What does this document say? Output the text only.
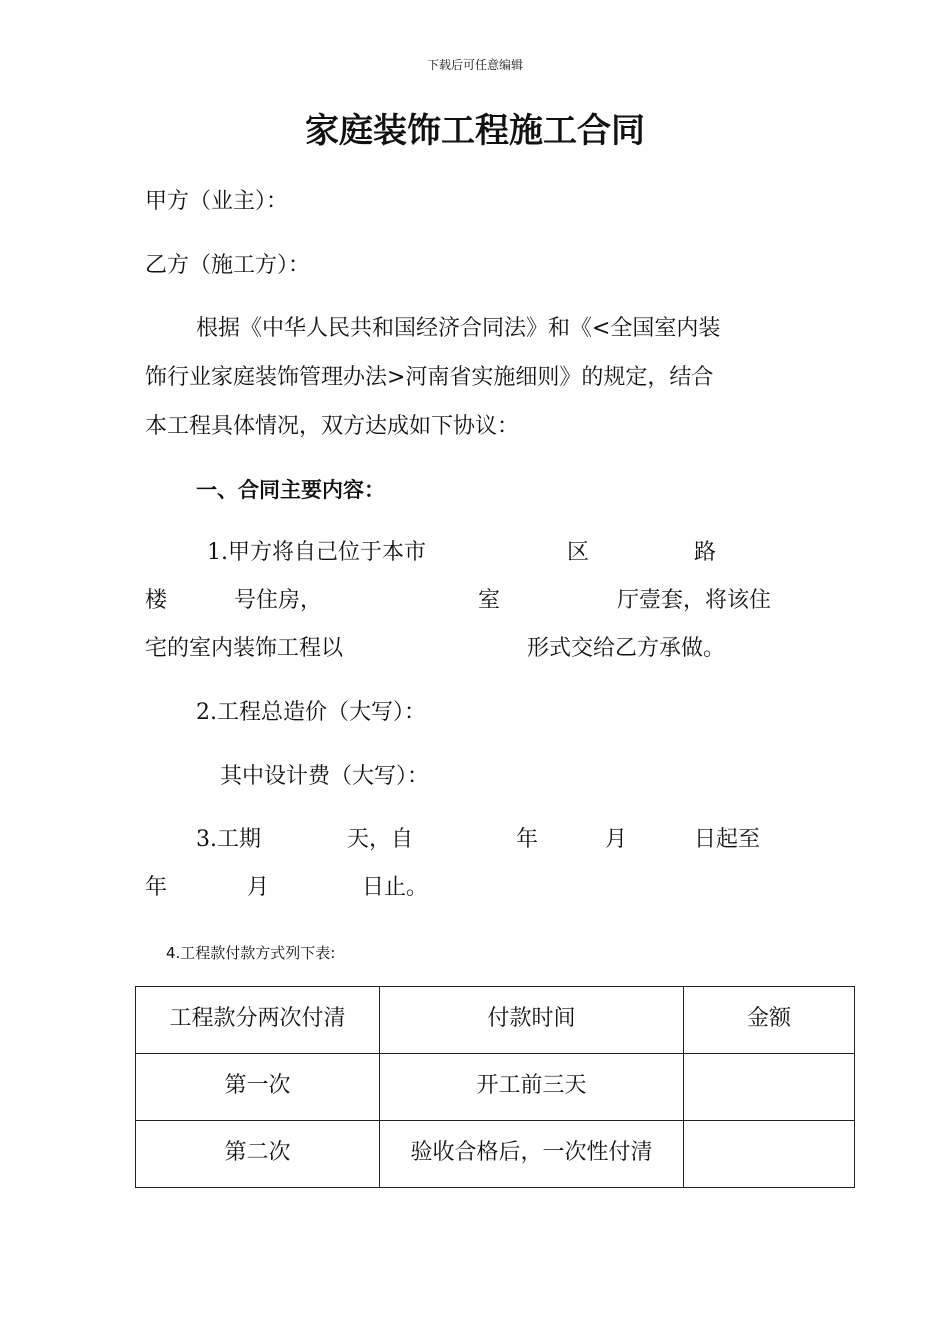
下载后可任意编辑
家庭装饰工程施工合同
甲方（业主）：
乙方（施工方）：
根据《中华人民共和国经济合同法》和《<全国室内装
饰行业家庭装饰管理办法>河南省实施细则》的规定，结合
本工程具体情况，双方达成如下协议：
一、合同主要内容：
1.甲方将自己位于本市	区	路
楼	号住房，	室	厅壹套，将该住
宅的室内装饰工程以	形式交给乙方承做。
2.工程总造价（大写）：
其中设计费（大写）：
3.工期	天，自	年	月	日起至
年	月	日止。
4.工程款付款方式列下表:
工程款分两次付清	付款时间	金额
第一次	开工前三天	
第二次	验收合格后，一次性付清	
